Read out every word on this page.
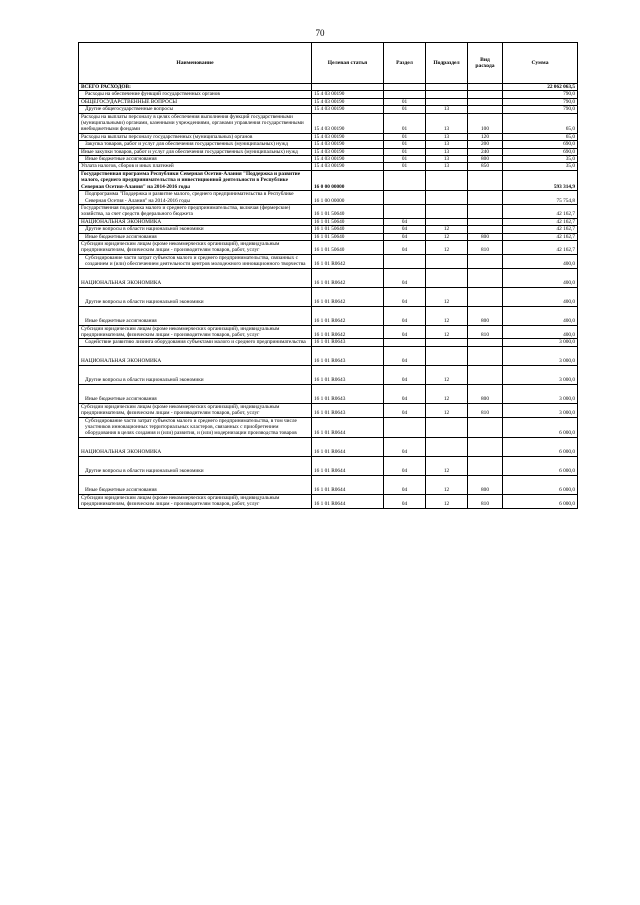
70
Наименование	Целевая статья	Раздел	Подраздел	Вид расхода	Сумма
ВСЕГО РАСХОДОВ:					22 062 063,5
Расходы на обеспечение функций государственных органов	15 4 03 00190				790,0
ОБЩЕГОСУДАРСТВЕННЫЕ ВОПРОСЫ	15 4 03 00190	01			790,0
Другие общегосударственные вопросы	15 4 03 00190	01	13		790,0
Расходы на выплаты персоналу в целях обеспечения выполнения функций государственными (муниципальными) органами, казенными учреждениями, органами управления государственными внебюджетными фондами	15 4 03 00190	01	13	100	65,0
Расходы на выплаты персоналу государственных (муниципальных) органов	15 4 03 00190	01	13	120	65,0
Закупка товаров, работ и услуг для обеспечения государственных (муниципальных) нужд	15 4 03 00190	01	13	200	690,0
Иные закупки товаров, работ и услуг для обеспечения государственных (муниципальных) нужд	15 4 03 00190	01	13	240	690,0
Иные бюджетные ассигнования	15 4 03 00190	01	13	800	35,0
Уплата налогов, сборов и иных платежей	15 4 03 00190	01	13	850	35,0
Государственная программа Республики Северная Осетия-Алания "Поддержка и развитие малого, среднего предпринимательства и инвестиционной деятельности в Республике Северная Осетия-Алания" на 2014-2016 годы	16 0 00 00000				593 314,9
Подпрограмма "Поддержка и развитие малого, среднего предпринимательства в Республике Северная Осетия - Алания" на 2014-2016 годы	16 1 00 00000				75 754,8
Государственная поддержка малого и среднего предпринимательства, включая (фермерские) хозяйства, за счет средств федерального бюджета	16 1 01 50640				42 162,7
НАЦИОНАЛЬНАЯ ЭКОНОМИКА	16 1 01 50640	04			42 162,7
Другие вопросы в области национальной экономики	16 1 01 50640	04	12		42 162,7
Иные бюджетные ассигнования	16 1 01 50640	04	12	800	42 162,7
Субсидии юридическим лицам (кроме некоммерческих организаций), индивидуальным предпринимателям, физическим лицам - производителям товаров, работ, услуг	16 1 01 50640	04	12	810	42 162,7
Субсидирование части затрат субъектов малого и среднего предпринимательства, связанных с созданием и (или) обеспечением деятельности центров молодежного инновационного творчества	16 1 01 R0642				400,0
НАЦИОНАЛЬНАЯ ЭКОНОМИКА	16 1 01 R0642	04			400,0
Другие вопросы в области национальной экономики	16 1 01 R0642	04	12		400,0
Иные бюджетные ассигнования	16 1 01 R0642	04	12	800	400,0
Субсидии юридическим лицам (кроме некоммерческих организаций), индивидуальным предпринимателям, физическим лицам - производителям товаров, работ, услуг	16 1 01 R0642	04	12	810	400,0
Содействие развитию лизинга оборудования субъектами малого и среднего предпринимательства	16 1 01 R0643				3 000,0
НАЦИОНАЛЬНАЯ ЭКОНОМИКА	16 1 01 R0643	04			3 000,0
Другие вопросы в области национальной экономики	16 1 01 R0643	04	12		3 000,0
Иные бюджетные ассигнования	16 1 01 R0643	04	12	800	3 000,0
Субсидии юридическим лицам (кроме некоммерческих организаций), индивидуальным предпринимателям, физическим лицам - производителям товаров, работ, услуг	16 1 01 R0643	04	12	810	3 000,0
Субсидирование части затрат субъектов малого и среднего предпринимательства, в том числе участников инновационных территориальных кластеров, связанных с приобретением оборудования в целях создания и (или) развития, и (или) модернизации производства товаров	16 1 01 R0644				6 000,0
НАЦИОНАЛЬНАЯ ЭКОНОМИКА	16 1 01 R0644	04			6 000,0
Другие вопросы в области национальной экономики	16 1 01 R0644	04	12		6 000,0
Иные бюджетные ассигнования	16 1 01 R0644	04	12	800	6 000,0
Субсидии юридическим лицам (кроме некоммерческих организаций), индивидуальным предпринимателям, физическим лицам - производителям товаров, работ, услуг	16 1 01 R0644	04	12	810	6 000,0
